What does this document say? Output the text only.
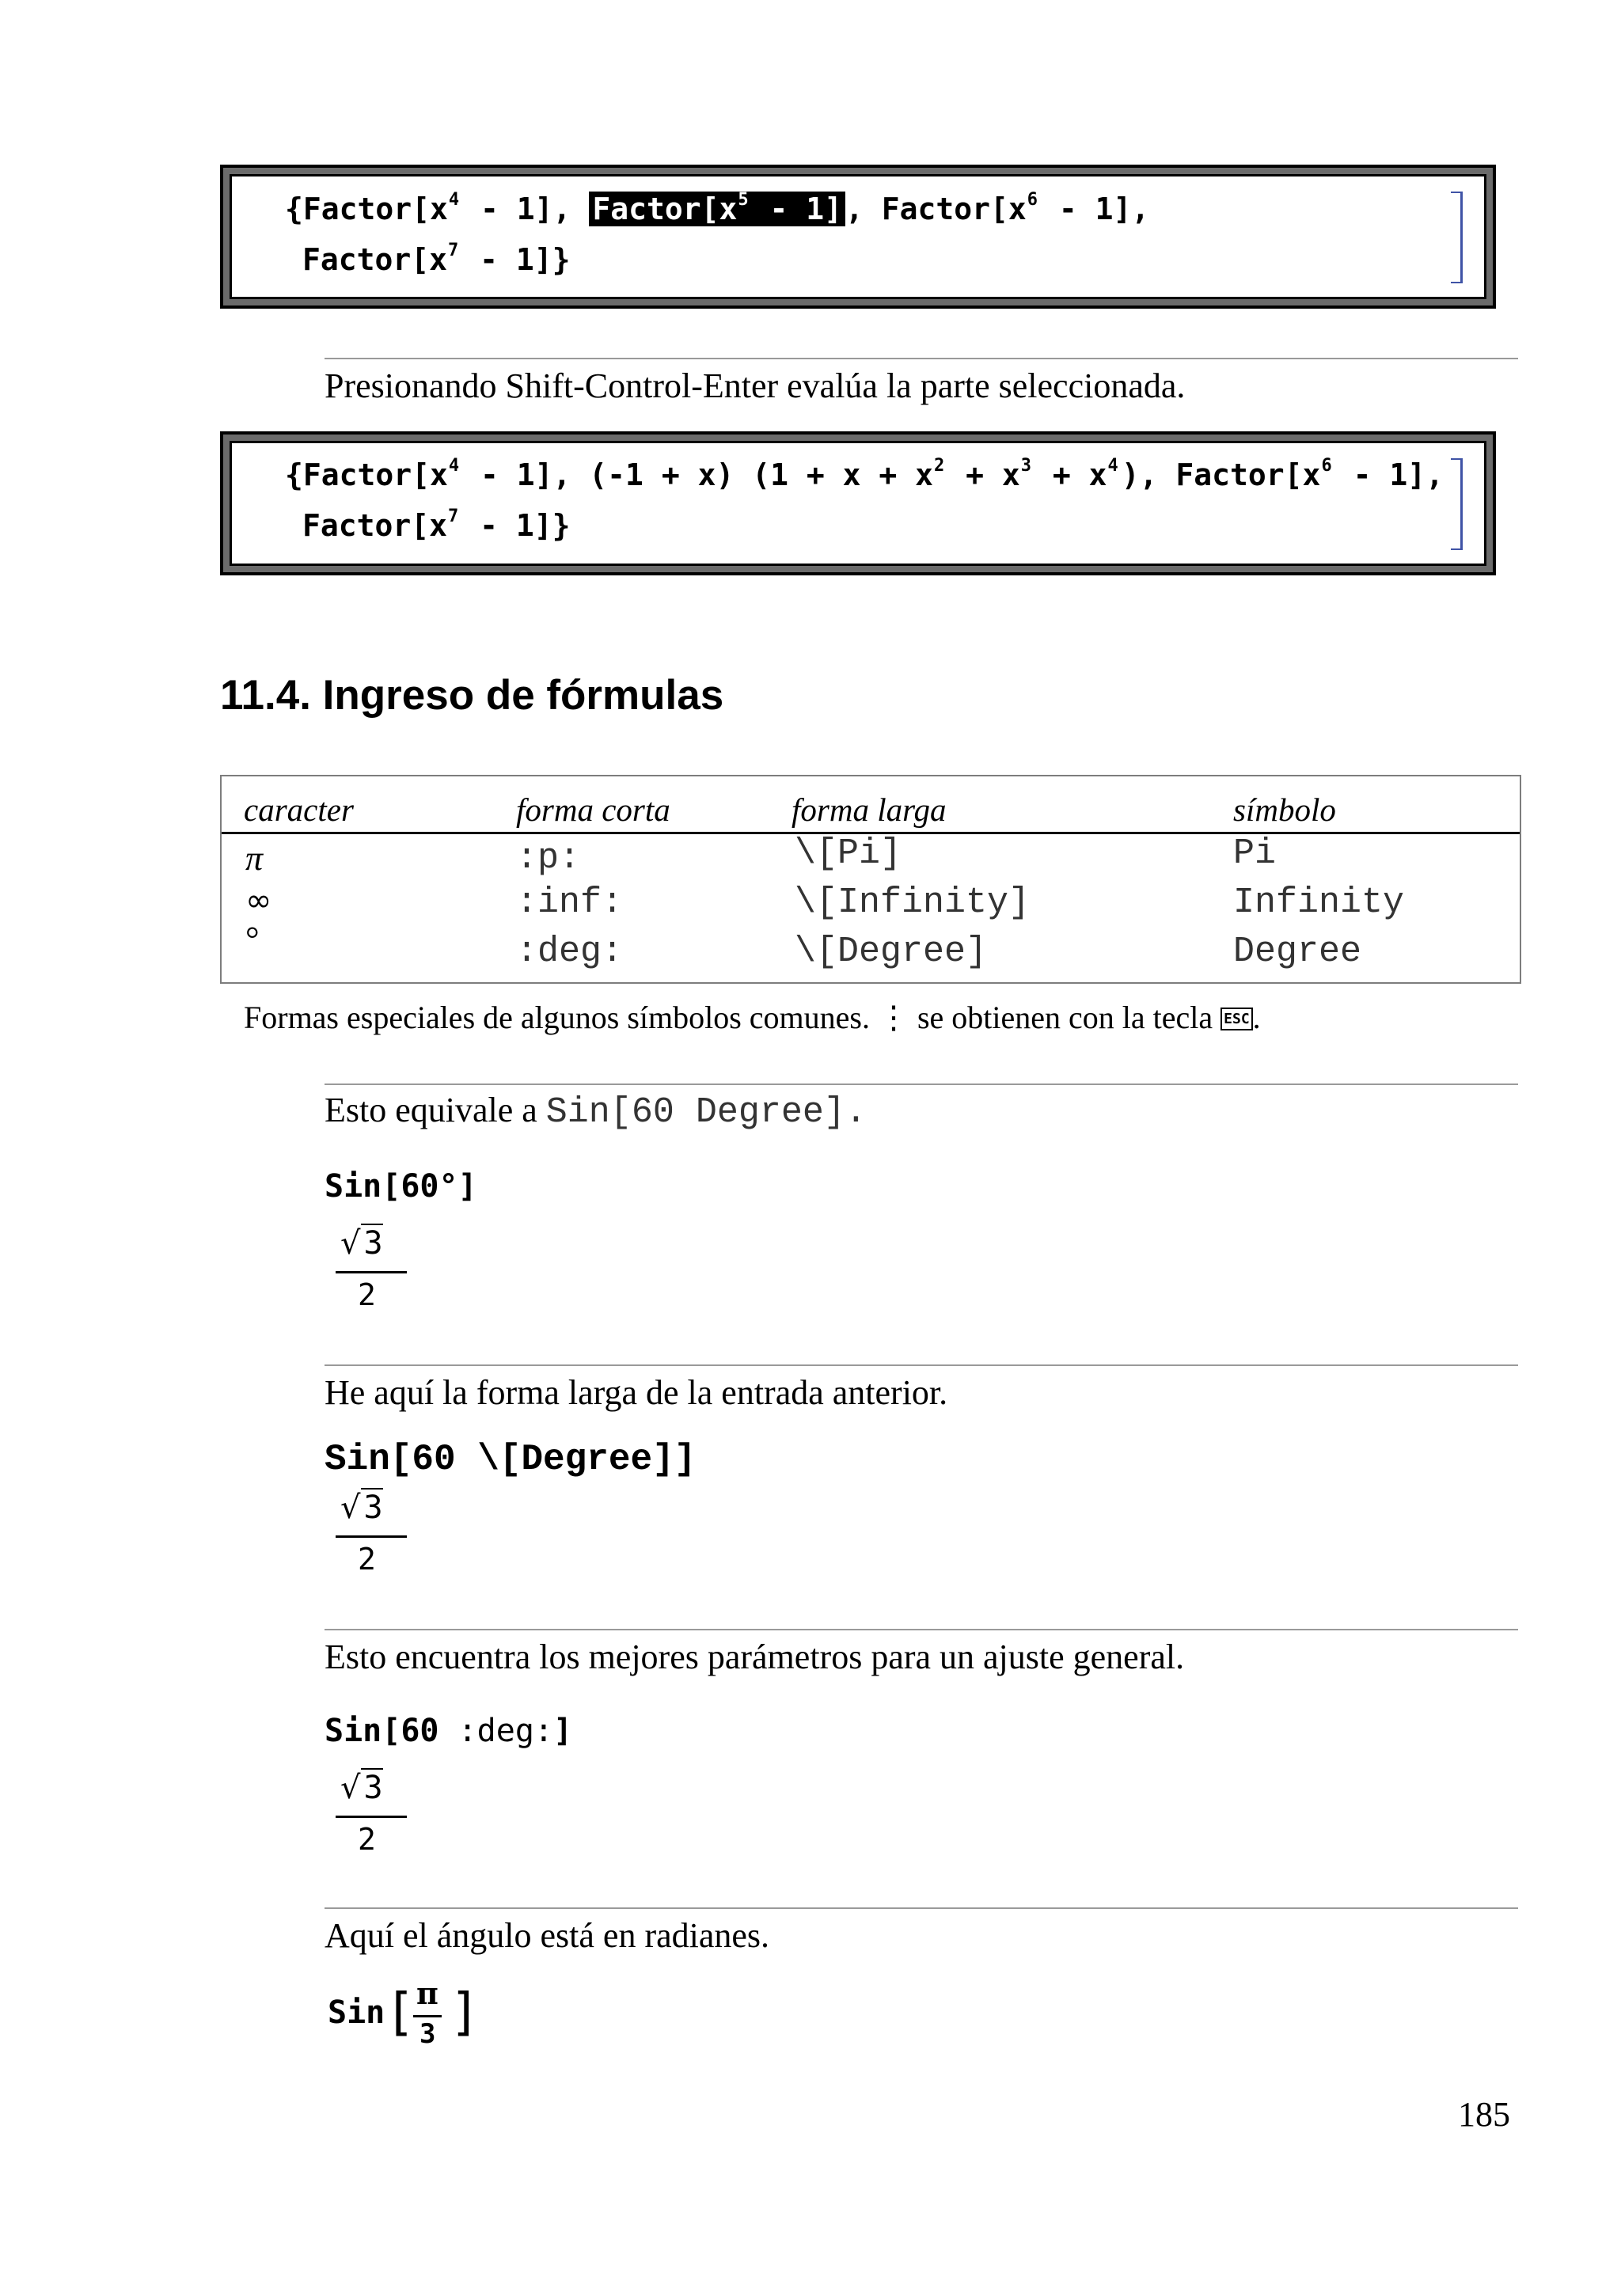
{$Factor[x^4 - 1]$, $Factor[x^5 - 1]$ , $Factor[x^6 - 1]$,
$Factor[x^7 - 1]$}
Presionando Shift-Control-Enter evalúa la parte seleccionada.
{$Factor[x^4 - 1]$, (-1 + x) ($1 + x + x^2 + x^3 + x^4$ ), $Factor[x^6 - 1]$,
$Factor[x^7 - 1]$}
11.4. Ingreso de fórmulas
caracter	forma corta	forma larga	símbolo
π	:p:	\[Pi]	Pi
∞	:inf:	\[Infinity]	Infinity
°	:deg:	\[Degree]	Degree
Formas especiales de algunos símbolos comunes. ⋮ se obtienen con la tecla ESC .
Esto equivale a Sin[60 Degree].
Sin[60°]
√ 3
2
He aquí la forma larga de la entrada anterior.
Sin[60 \[Degree]]
√ 3
2
Esto encuentra los mejores parámetros para un ajuste general.
Sin[60 :deg:]
√ 3
2
Aquí el ángulo está en radianes.
Sin [ π
3 ]
185
